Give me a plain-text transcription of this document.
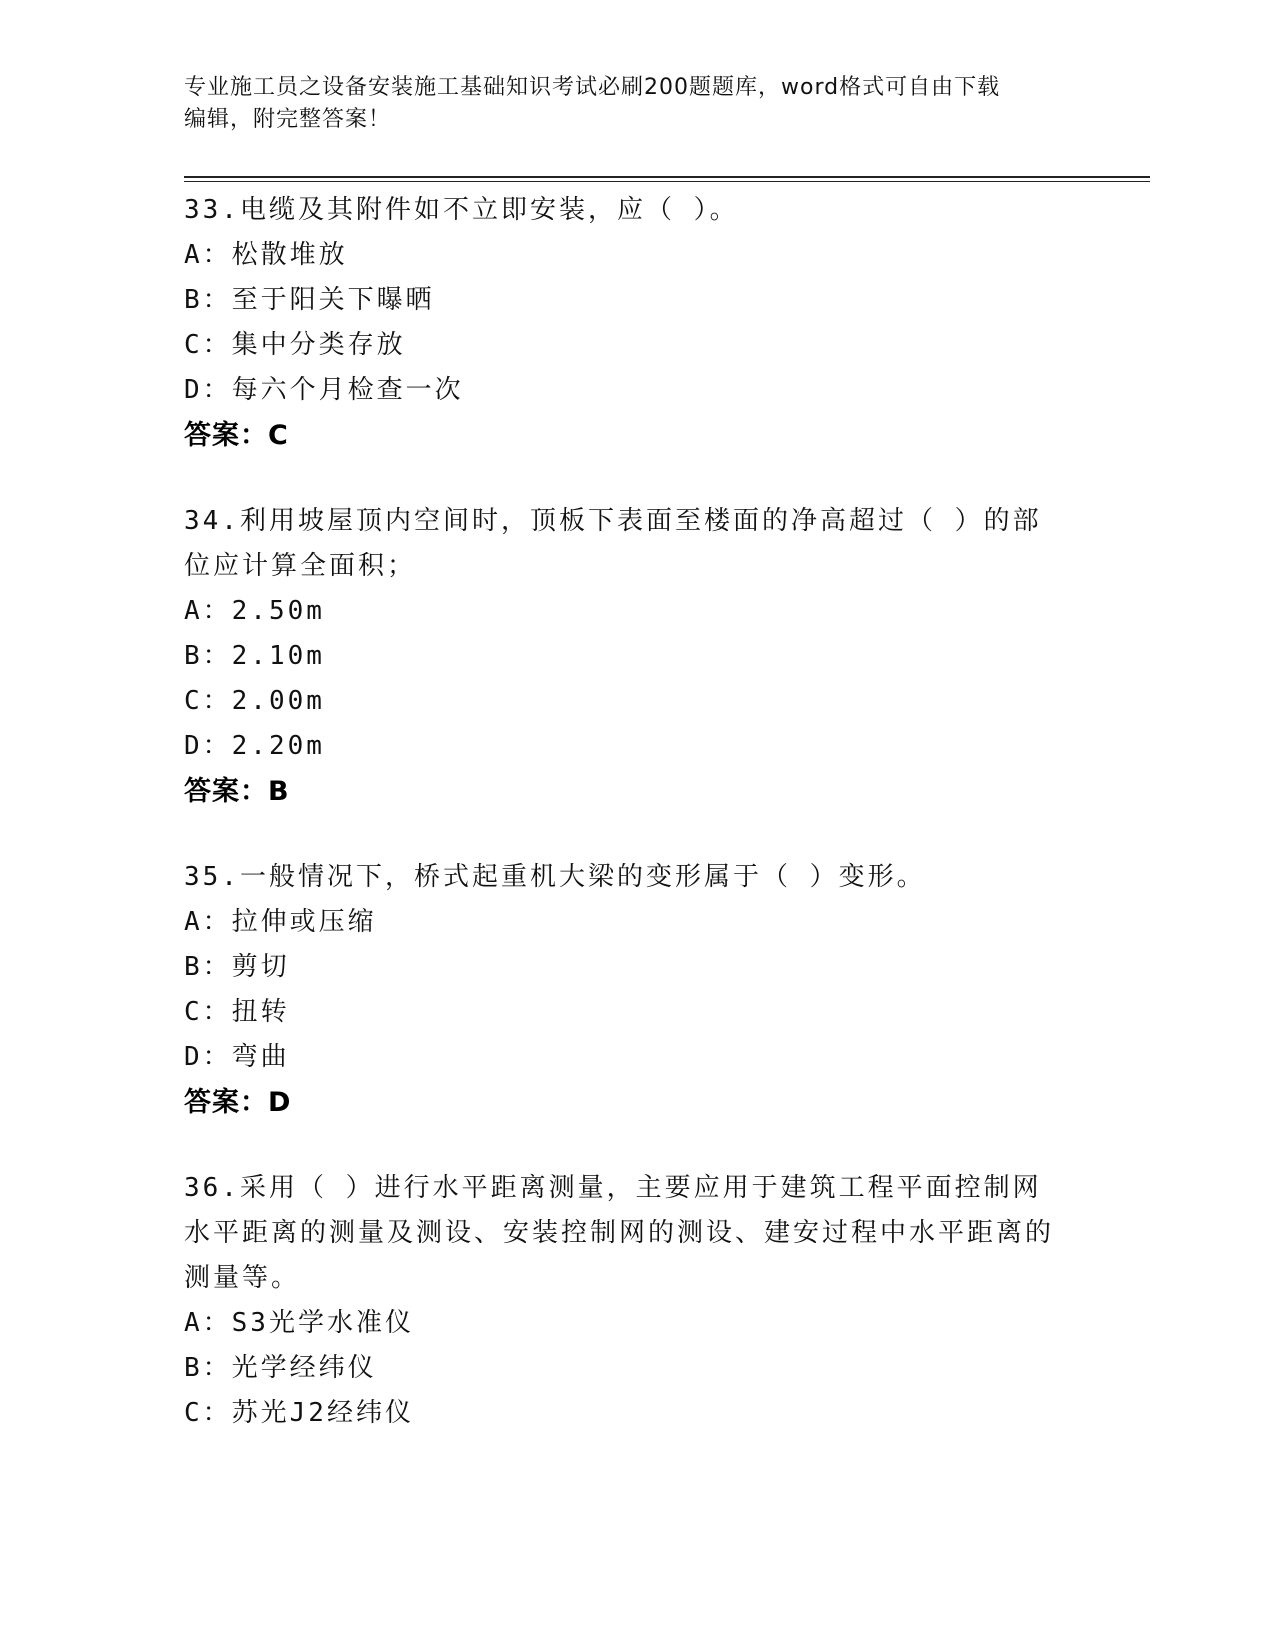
专业施工员之设备安装施工基础知识考试必刷200题题库，word格式可自由下载
编辑，附完整答案！
33.电缆及其附件如不立即安装，应（ ）。
A：松散堆放
B：至于阳关下曝晒
C：集中分类存放
D：每六个月检查一次
答案：C
34.利用坡屋顶内空间时，顶板下表面至楼面的净高超过（ ）的部位应计算全面积；
A：2.50m
B：2.10m
C：2.00m
D：2.20m
答案：B
35.一般情况下，桥式起重机大梁的变形属于（ ）变形。
A：拉伸或压缩
B：剪切
C：扭转
D：弯曲
答案：D
36.采用（ ）进行水平距离测量，主要应用于建筑工程平面控制网水平距离的测量及测设、安装控制网的测设、建安过程中水平距离的测量等。
A：S3光学水准仪
B：光学经纬仪
C：苏光J2经纬仪
